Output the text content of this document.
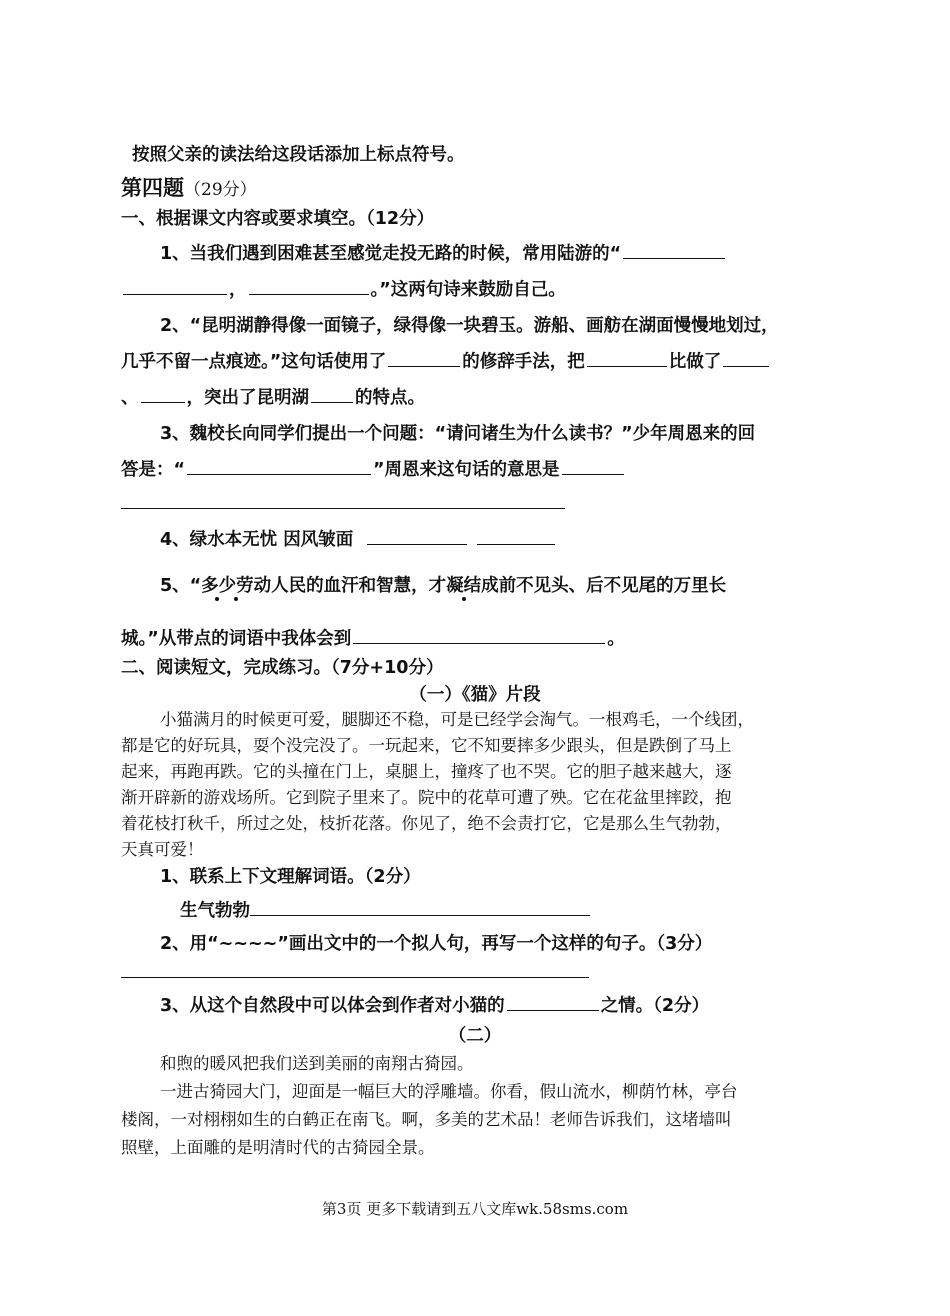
按照父亲的读法给这段话添加上标点符号。
第四题（29分）
一、根据课文内容或要求填空。（12分）
1、当我们遇到困难甚至感觉走投无路的时候，常用陆游的“
，	。”这两句诗来鼓励自己。
2、“昆明湖静得像一面镜子，绿得像一块碧玉。游船、画舫在湖面慢慢地划过，
几乎不留一点痕迹。”这句话使用了	的修辞手法，把	比做了
、	，突出了昆明湖	的特点。
3、魏校长向同学们提出一个问题：“请问诸生为什么读书？”少年周恩来的回
答是：“	”周恩来这句话的意思是
4、绿水本无忧 因风皱面
5、“多少劳动人民的血汗和智慧，才凝结成前不见头、后不见尾的万里长
城。”从带点的词语中我体会到	。
二、阅读短文，完成练习。（7分+10分）
（一）《猫》片段
小猫满月的时候更可爱，腿脚还不稳，可是已经学会淘气。一根鸡毛，一个线团，
都是它的好玩具，耍个没完没了。一玩起来，它不知要摔多少跟头，但是跌倒了马上
起来，再跑再跌。它的头撞在门上，桌腿上，撞疼了也不哭。它的胆子越来越大，逐
渐开辟新的游戏场所。它到院子里来了。院中的花草可遭了殃。它在花盆里摔跤，抱
着花枝打秋千，所过之处，枝折花落。你见了，绝不会责打它，它是那么生气勃勃，
天真可爱！
1、联系上下文理解词语。（2分）
生气勃勃
2、用“~~~~”画出文中的一个拟人句，再写一个这样的句子。（3分）
3、从这个自然段中可以体会到作者对小猫的	之情。（2分）
（二）
和煦的暖风把我们送到美丽的南翔古猗园。
一进古猗园大门，迎面是一幅巨大的浮雕墙。你看，假山流水，柳荫竹林，亭台
楼阁，一对栩栩如生的白鹤正在南飞。啊，多美的艺术品！老师告诉我们，这堵墙叫
照壁，上面雕的是明清时代的古猗园全景。
第3页 更多下载请到五八文库wk.58sms.com
